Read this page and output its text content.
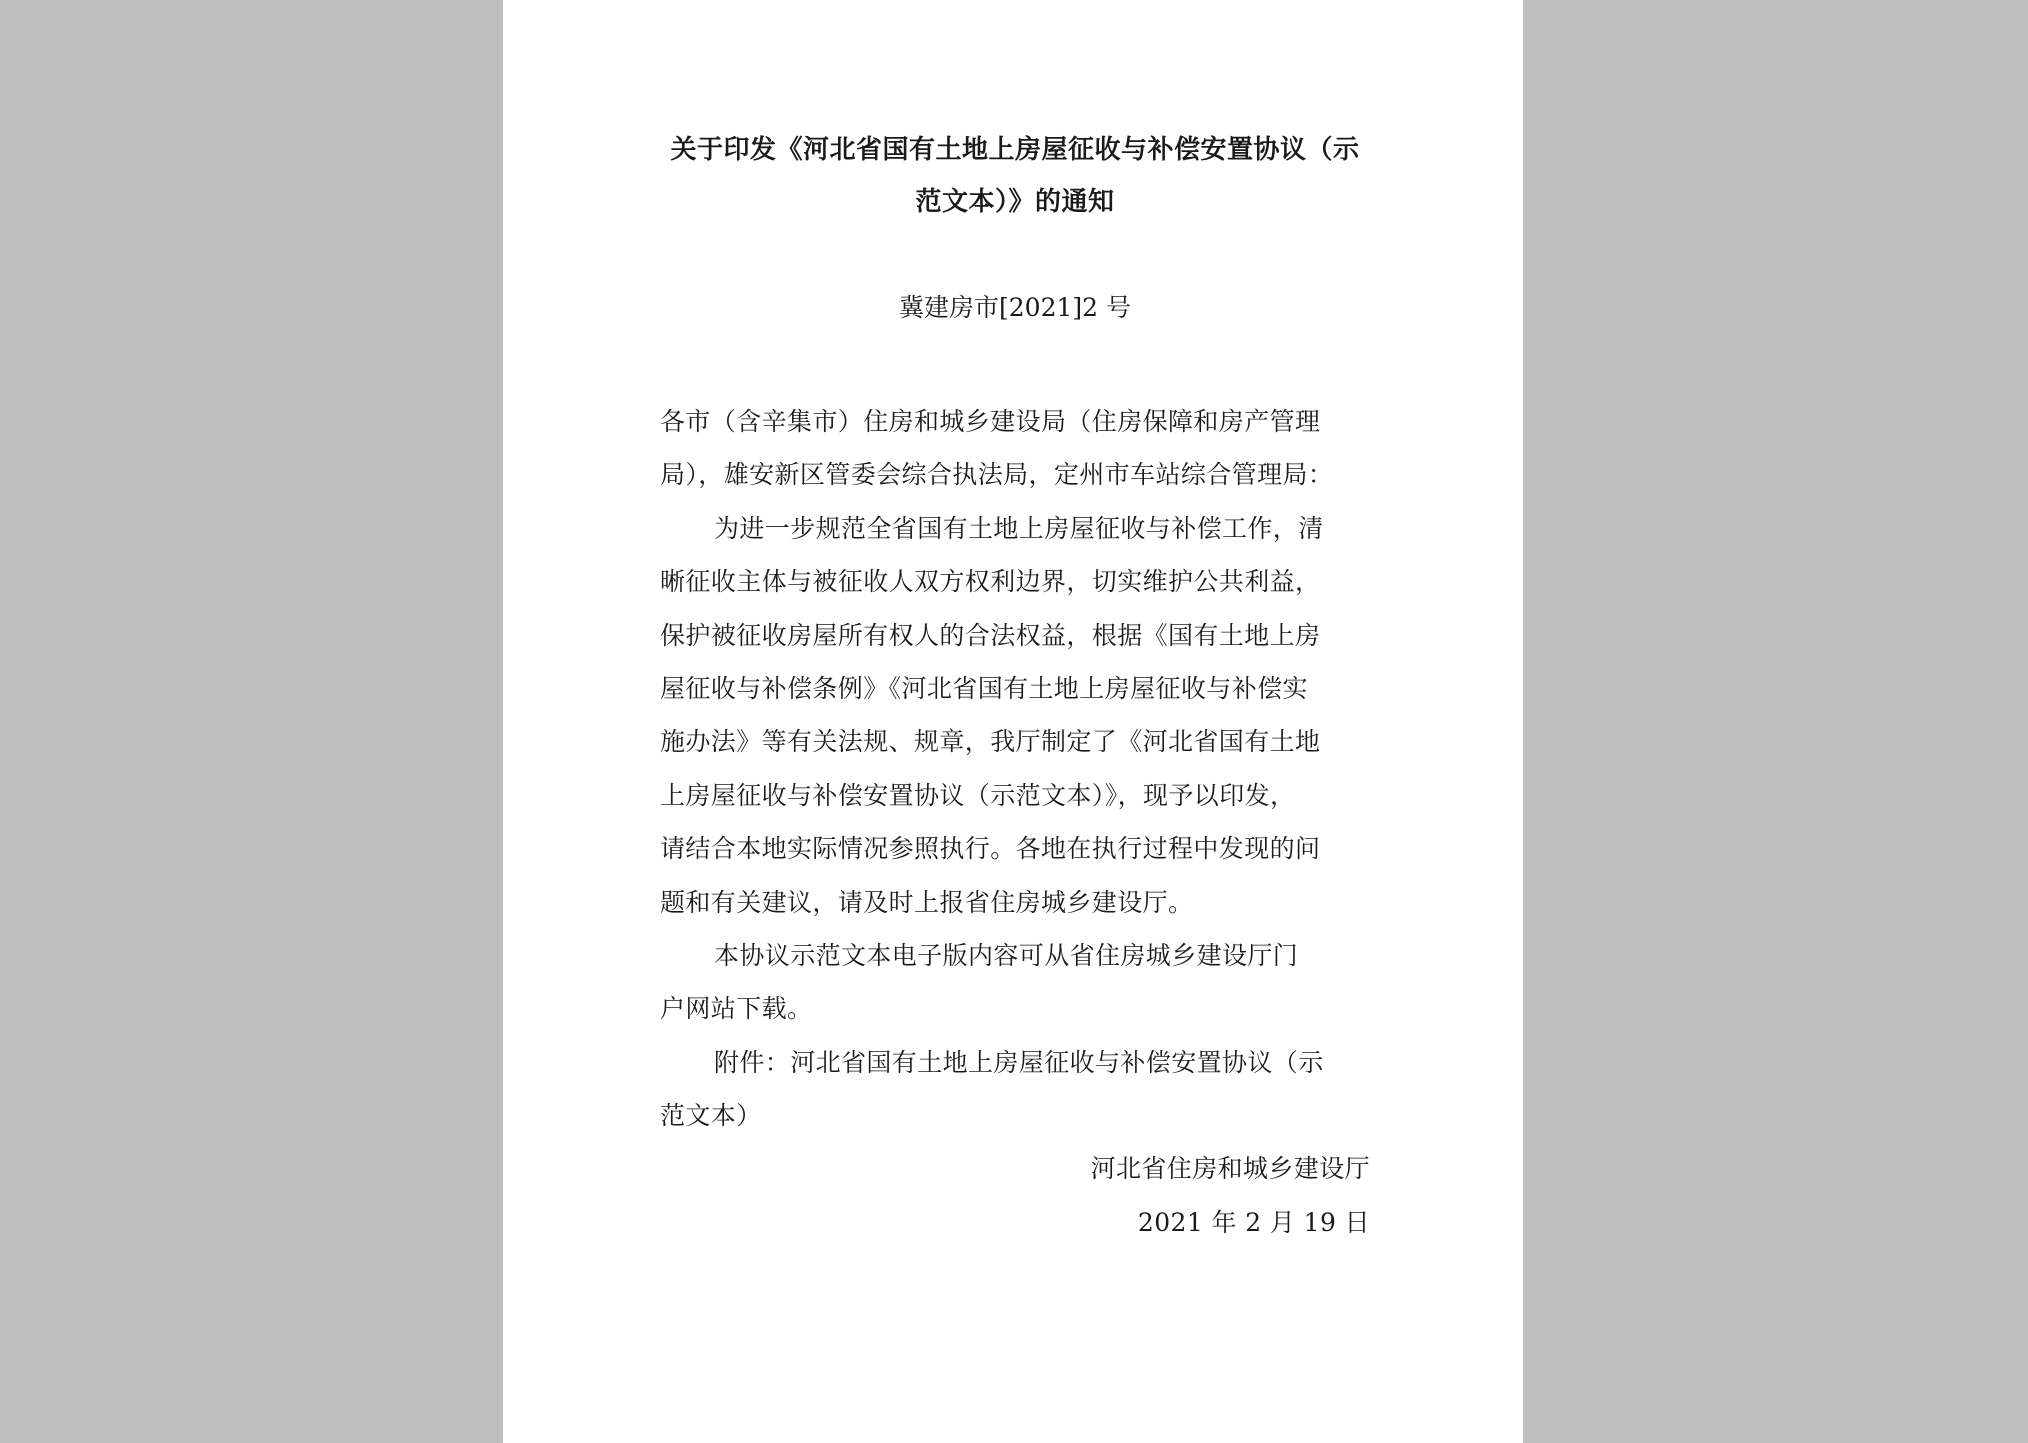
关于印发《河北省国有土地上房屋征收与补偿安置协议（示
范文本）》的通知
冀建房市[2021]2 号
各市（含辛集市）住房和城乡建设局（住房保障和房产管理
局），雄安新区管委会综合执法局，定州市车站综合管理局：
为进一步规范全省国有土地上房屋征收与补偿工作，清
晰征收主体与被征收人双方权利边界，切实维护公共利益，
保护被征收房屋所有权人的合法权益，根据《国有土地上房
屋征收与补偿条例》《河北省国有土地上房屋征收与补偿实
施办法》等有关法规、规章，我厅制定了《河北省国有土地
上房屋征收与补偿安置协议（示范文本）》，现予以印发，
请结合本地实际情况参照执行。各地在执行过程中发现的问
题和有关建议，请及时上报省住房城乡建设厅。
本协议示范文本电子版内容可从省住房城乡建设厅门
户网站下载。
附件：河北省国有土地上房屋征收与补偿安置协议（示
范文本）
河北省住房和城乡建设厅
2021 年 2 月 19 日
